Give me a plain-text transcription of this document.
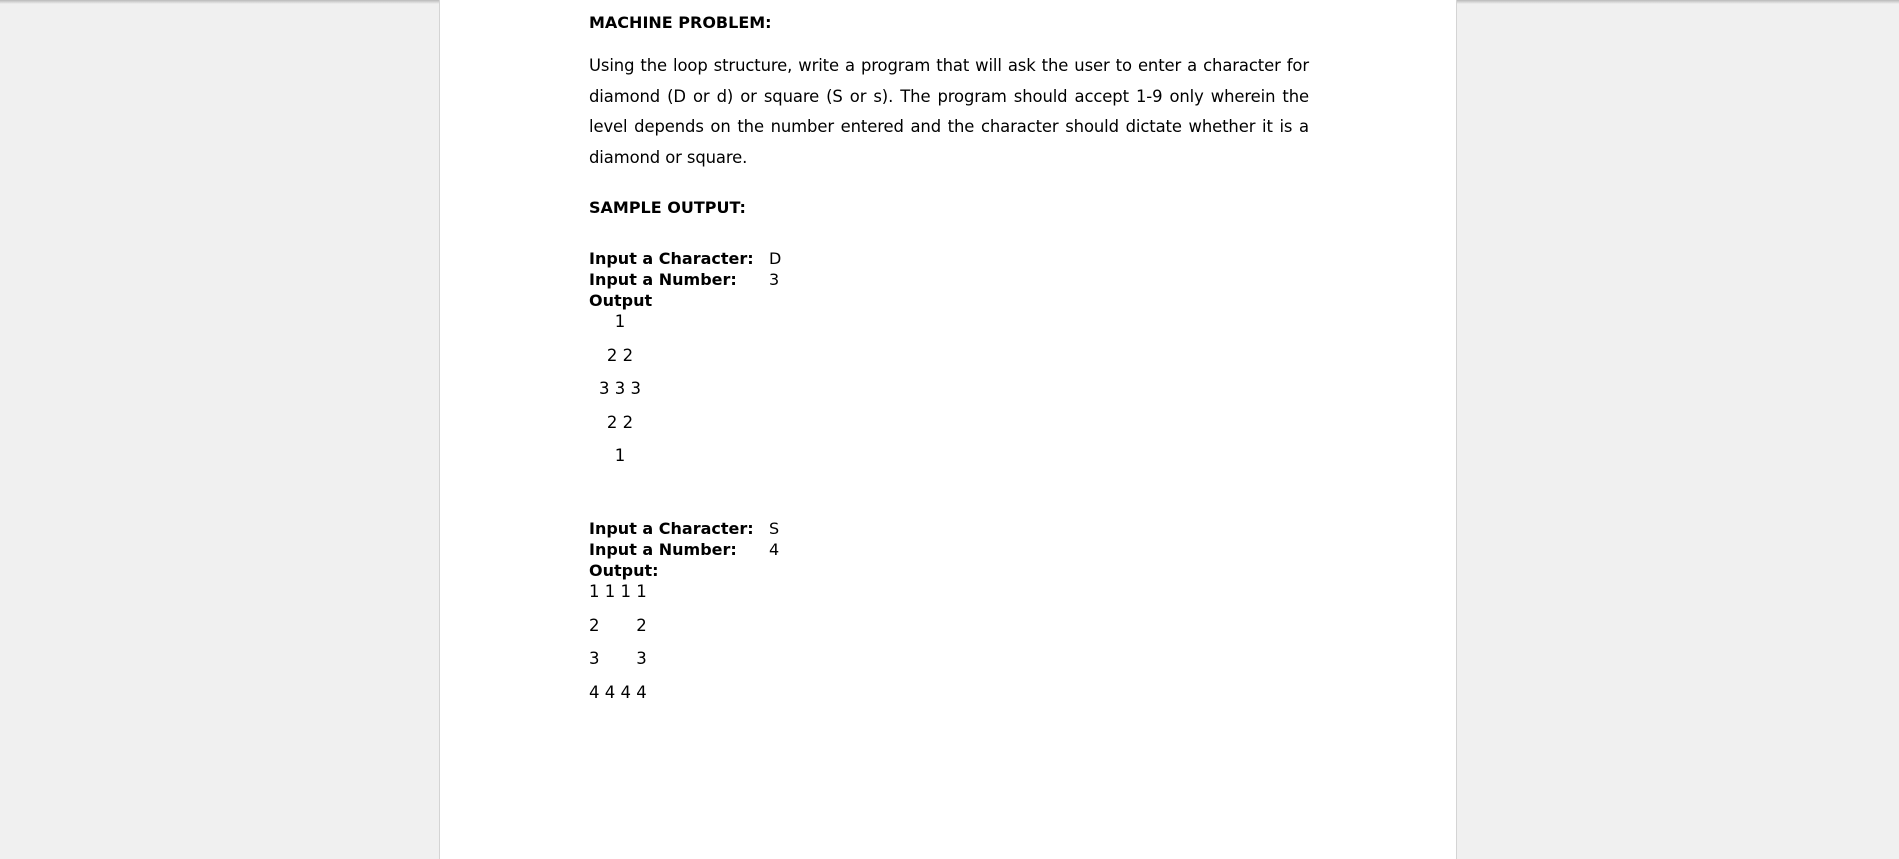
MACHINE PROBLEM:

Using the loop structure, write a program that will ask the user to enter a character for diamond (D or d) or square (S or s). The program should accept 1-9 only wherein the level depends on the number entered and the character should dictate whether it is a diamond or square.

SAMPLE OUTPUT:

Input a Character: D
Input a Number:	3
Output
1
2 2
3 3 3
2 2
1
Input a Character: S
Input a Number:	4
Output:
1 1 1 1
2       2
3       3
4 4 4 4
